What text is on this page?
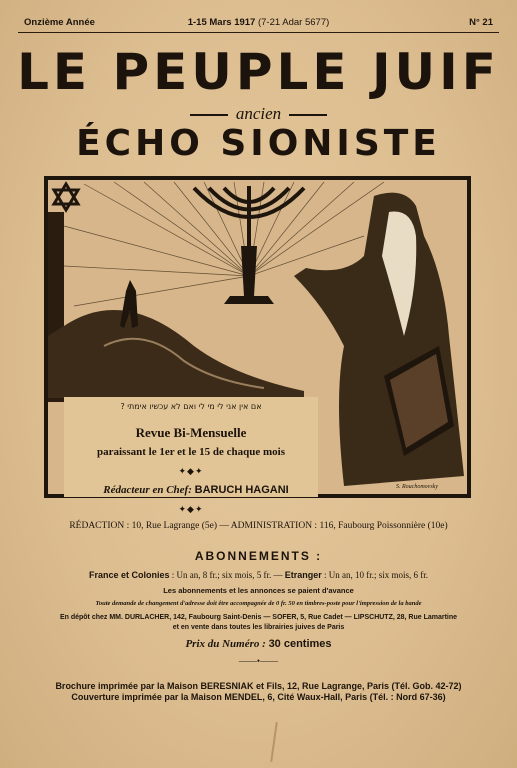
Onzième Année	1-15 Mars 1917 (7-21 Adar 5677)	N° 21
LE PEUPLE JUIF
ancien
ÉCHO SIONISTE
אם אין אני לי מי לי ואם לא עכשיו אימתי ?
Revue Bi-Mensuelle
paraissant le 1er et le 15 de chaque mois
✦◆✦
Rédacteur en Chef: BARUCH HAGANI
✦◆✦
S. Rouchomovsky
RÉDACTION : 10, Rue Lagrange (5e) — ADMINISTRATION : 116, Faubourg Poissonnière (10e)
ABONNEMENTS :
France et Colonies : Un an, 8 fr.; six mois, 5 fr. — Etranger : Un an, 10 fr.; six mois, 6 fr.
Les abonnements et les annonces se paient d'avance
Toute demande de changement d'adresse doit être accompagnée de 0 fr. 50 en timbres-poste pour l'impression de la bande
En dépôt chez MM. DURLACHER, 142, Faubourg Saint-Denis — SOFER, 5, Rue Cadet — LIPSCHUTZ, 28, Rue Lamartine
et en vente dans toutes les librairies juives de Paris
Prix du Numéro : 30 centimes
——•——
Brochure imprimée par la Maison BERESNIAK et Fils, 12, Rue Lagrange, Paris (Tél. Gob. 42-72)
Couverture imprimée par la Maison MENDEL, 6, Cité Waux-Hall, Paris (Tél. : Nord 67-36)
